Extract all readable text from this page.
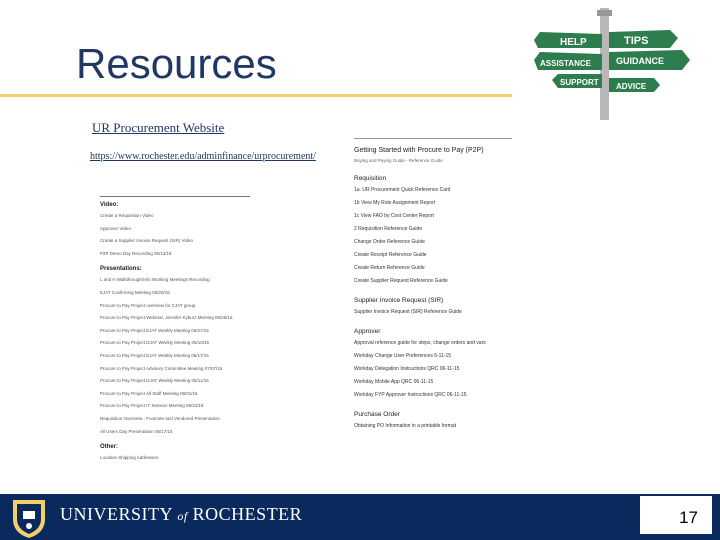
Resources	HELP	TIPS
ASSISTANCE	GUIDANCE
SUPPORT ADVICE
UR Procurement Website
https://www.rochester.edu/adminfinance/urprocurement/
Video:
Create a Requisition Video
Approver Video
Create a Supplier Invoice Request (SIR) Video
P2P Demo Day Recording 05/13/15
Presentations:
L and H Walkthrough/Info Working Meetings Recording
EJAT Confirming Meeting 05/20/15
Procure to Pay Project overview for CJAT group
Procure to Pay Project Webinar, Jennifer Kyburz Meeting 05/26/15
Procure to Pay Project EJAT Weekly Meeting 05/27/15
Procure to Pay Project DJAT Weekly Meeting 06/10/15
Procure to Pay Project EJAT Weekly Meeting 06/17/15
Procure to Pay Project Advisory Committee Meeting 07/07/15
Procure to Pay Project DJAT Weekly Meeting 06/11/15
Procure to Pay Project All Staff Meeting 09/01/15
Procure to Pay Project IT Session Meeting 09/22/15
Requisition Overview - Footnote and Vendored Presentation
All Users Day Presentation 06/17/15
Other:
Location Shipping Addresses
Getting Started with Procure to Pay (P2P)
Buying and Paying Guide - Reference Guide
Requisition
1a. UR Procurement Quick Reference Card
1b View My Role Assignment Report
1c View FAO by Cost Center Report
2 Requisition Reference Guide
Change Order Reference Guide
Create Receipt Reference Guide
Create Return Reference Guide
Create Supplier Request Reference Guide
Supplier Invoice Request (SIR)
Supplier Invoice Request (SIR) Reference Guide
Approver
Approval reference guide for steps, change orders and vars
Workday Change User Preferences 6-11-15
Workday Delegation Instructions QRC 06-11-15
Workday Mobile App QRC 06-11-15
Workday FYP Approver Instructions QRC 06-11-15
Purchase Order
Obtaining PO Information in a printable format
UNIVERSITY of ROCHESTER	17
